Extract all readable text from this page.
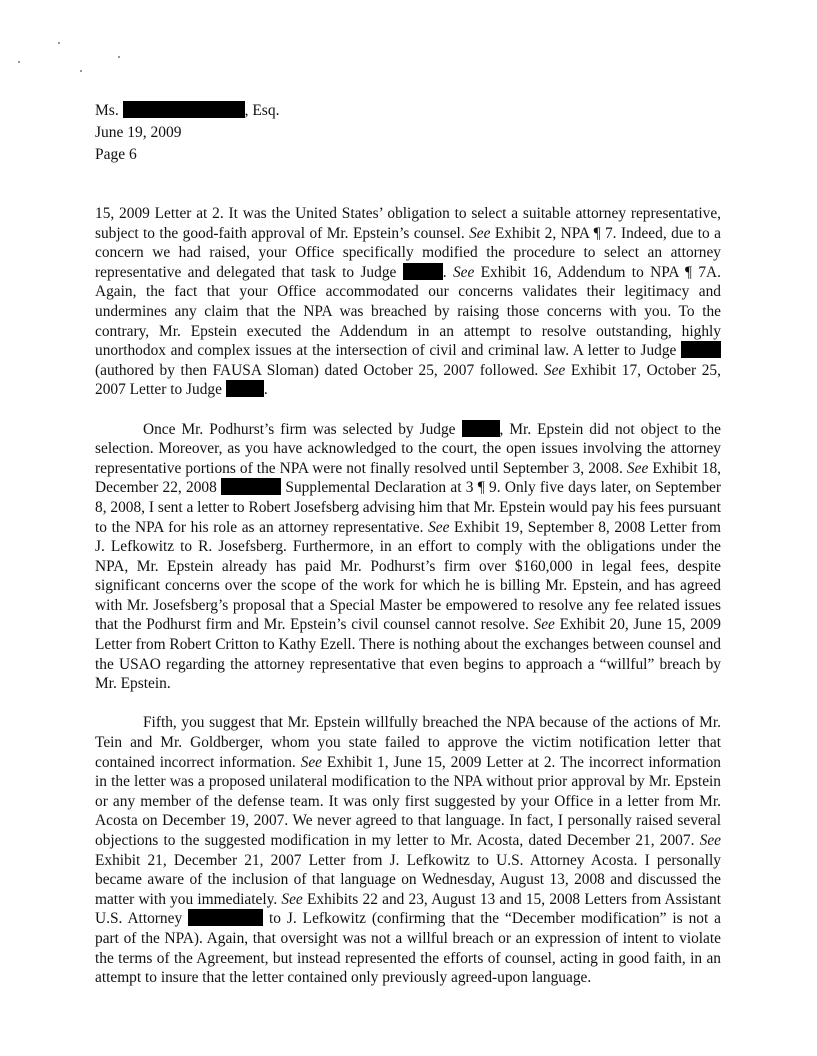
Ms.	, Esq.
June 19, 2009
Page 6

15, 2009 Letter at 2. It was the United States’ obligation to select a suitable attorney representative, subject to the good-faith approval of Mr. Epstein’s counsel. See Exhibit 2, NPA ¶ 7. Indeed, due to a concern we had raised, your Office specifically modified the procedure to select an attorney representative and delegated that task to Judge	. See Exhibit 16, Addendum to NPA ¶ 7A. Again, the fact that your Office accommodated our concerns validates their legitimacy and undermines any claim that the NPA was breached by raising those concerns with you. To the contrary, Mr. Epstein executed the Addendum in an attempt to resolve outstanding, highly unorthodox and complex issues at the intersection of civil and criminal law. A letter to Judge  (authored by then FAUSA Sloman) dated October 25, 2007 followed. See Exhibit 17, October 25, 2007 Letter to Judge	.

Once Mr. Podhurst’s firm was selected by Judge	, Mr. Epstein did not object to the selection. Moreover, as you have acknowledged to the court, the open issues involving the attorney representative portions of the NPA were not finally resolved until September 3, 2008. See Exhibit 18, December 22, 2008	Supplemental Declaration at 3 ¶ 9. Only five days later, on September 8, 2008, I sent a letter to Robert Josefsberg advising him that Mr. Epstein would pay his fees pursuant to the NPA for his role as an attorney representative. See Exhibit 19, September 8, 2008 Letter from J. Lefkowitz to R. Josefsberg. Furthermore, in an effort to comply with the obligations under the NPA, Mr. Epstein already has paid Mr. Podhurst’s firm over $160,000 in legal fees, despite significant concerns over the scope of the work for which he is billing Mr. Epstein, and has agreed with Mr. Josefsberg’s proposal that a Special Master be empowered to resolve any fee related issues that the Podhurst firm and Mr. Epstein’s civil counsel cannot resolve. See Exhibit 20, June 15, 2009 Letter from Robert Critton to Kathy Ezell. There is nothing about the exchanges between counsel and the USAO regarding the attorney representative that even begins to approach a “willful” breach by Mr. Epstein.

Fifth, you suggest that Mr. Epstein willfully breached the NPA because of the actions of Mr. Tein and Mr. Goldberger, whom you state failed to approve the victim notification letter that contained incorrect information. See Exhibit 1, June 15, 2009 Letter at 2. The incorrect information in the letter was a proposed unilateral modification to the NPA without prior approval by Mr. Epstein or any member of the defense team. It was only first suggested by your Office in a letter from Mr. Acosta on December 19, 2007. We never agreed to that language. In fact, I personally raised several objections to the suggested modification in my letter to Mr. Acosta, dated December 21, 2007. See Exhibit 21, December 21, 2007 Letter from J. Lefkowitz to U.S. Attorney Acosta. I personally became aware of the inclusion of that language on Wednesday, August 13, 2008 and discussed the matter with you immediately. See Exhibits 22 and 23, August 13 and 15, 2008 Letters from Assistant U.S. Attorney	to J. Lefkowitz (confirming that the “December modification” is not a part of the NPA). Again, that oversight was not a willful breach or an expression of intent to violate the terms of the Agreement, but instead represented the efforts of counsel, acting in good faith, in an attempt to insure that the letter contained only previously agreed-upon language.
